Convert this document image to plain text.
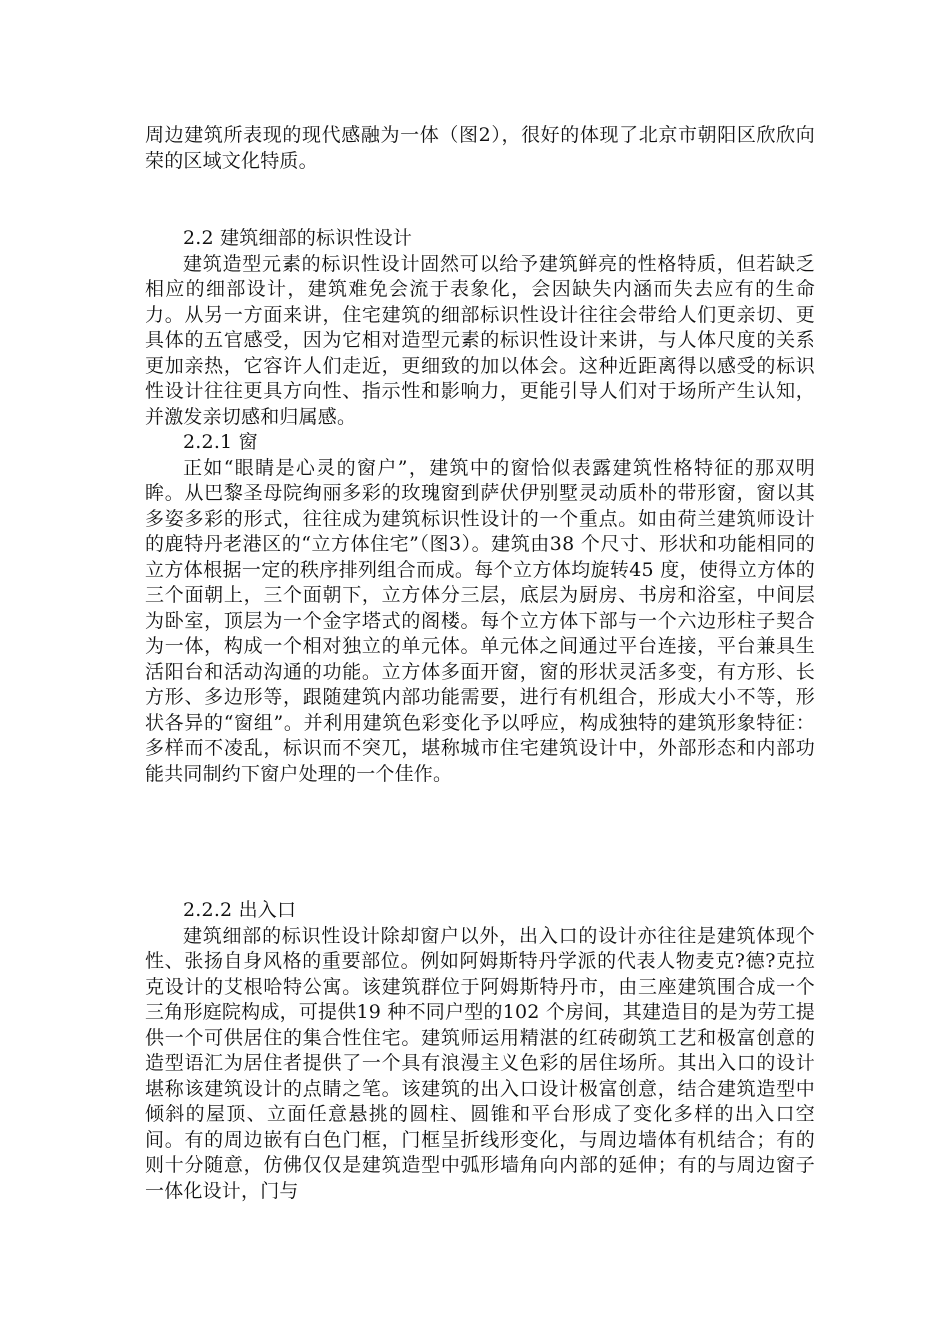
周边建筑所表现的现代感融为一体（图2），很好的体现了北京市朝阳区欣欣向荣的区域文化特质。

2.2 建筑细部的标识性设计

建筑造型元素的标识性设计固然可以给予建筑鲜亮的性格特质，但若缺乏相应的细部设计，建筑难免会流于表象化，会因缺失内涵而失去应有的生命力。从另一方面来讲，住宅建筑的细部标识性设计往往会带给人们更亲切、更具体的五官感受，因为它相对造型元素的标识性设计来讲，与人体尺度的关系更加亲热，它容许人们走近，更细致的加以体会。这种近距离得以感受的标识性设计往往更具方向性、指示性和影响力，更能引导人们对于场所产生认知，并激发亲切感和归属感。

2.2.1 窗

正如“眼睛是心灵的窗户”，建筑中的窗恰似表露建筑性格特征的那双明眸。从巴黎圣母院绚丽多彩的玫瑰窗到萨伏伊别墅灵动质朴的带形窗，窗以其多姿多彩的形式，往往成为建筑标识性设计的一个重点。如由荷兰建筑师设计的鹿特丹老港区的“立方体住宅”（图3）。建筑由38 个尺寸、形状和功能相同的立方体根据一定的秩序排列组合而成。每个立方体均旋转45 度，使得立方体的三个面朝上，三个面朝下，立方体分三层，底层为厨房、书房和浴室，中间层为卧室，顶层为一个金字塔式的阁楼。每个立方体下部与一个六边形柱子契合为一体，构成一个相对独立的单元体。单元体之间通过平台连接，平台兼具生活阳台和活动沟通的功能。立方体多面开窗，窗的形状灵活多变，有方形、长方形、多边形等，跟随建筑内部功能需要，进行有机组合，形成大小不等，形状各异的“窗组”。并利用建筑色彩变化予以呼应，构成独特的建筑形象特征：多样而不凌乱，标识而不突兀，堪称城市住宅建筑设计中，外部形态和内部功能共同制约下窗户处理的一个佳作。

2.2.2 出入口

建筑细部的标识性设计除却窗户以外，出入口的设计亦往往是建筑体现个性、张扬自身风格的重要部位。例如阿姆斯特丹学派的代表人物麦克?德?克拉克设计的艾根哈特公寓。该建筑群位于阿姆斯特丹市，由三座建筑围合成一个三角形庭院构成，可提供19 种不同户型的102 个房间，其建造目的是为劳工提供一个可供居住的集合性住宅。建筑师运用精湛的红砖砌筑工艺和极富创意的造型语汇为居住者提供了一个具有浪漫主义色彩的居住场所。其出入口的设计堪称该建筑设计的点睛之笔。该建筑的出入口设计极富创意，结合建筑造型中倾斜的屋顶、立面任意悬挑的圆柱、圆锥和平台形成了变化多样的出入口空间。有的周边嵌有白色门框，门框呈折线形变化，与周边墙体有机结合；有的则十分随意，仿佛仅仅是建筑造型中弧形墙角向内部的延伸；有的与周边窗子一体化设计，门与
